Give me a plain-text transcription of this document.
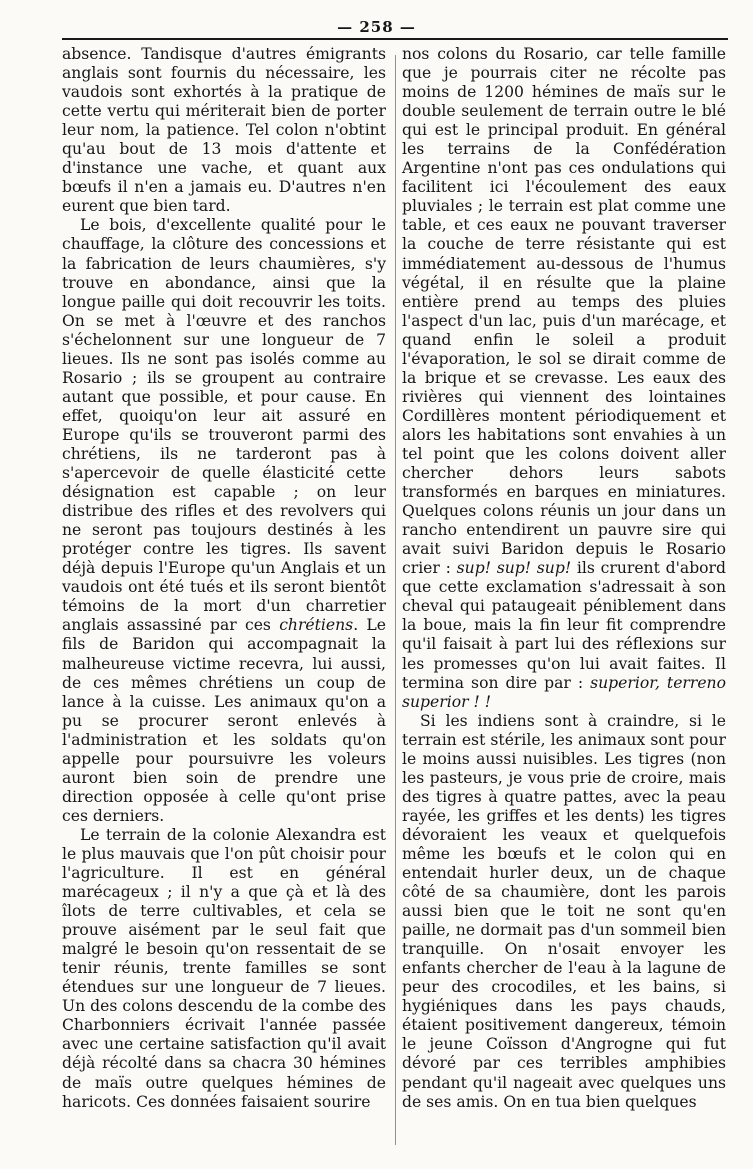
— 258 —

absence. Tandisque d'autres émigrants anglais sont fournis du nécessaire, les vaudois sont exhortés à la pratique de cette vertu qui mériterait bien de porter leur nom, la patience. Tel colon n'obtint qu'au bout de 13 mois d'attente et d'instance une vache, et quant aux bœufs il n'en a jamais eu. D'autres n'en eurent que bien tard.

Le bois, d'excellente qualité pour le chauffage, la clôture des concessions et la fabrication de leurs chaumières, s'y trouve en abondance, ainsi que la longue paille qui doit recouvrir les toits. On se met à l'œuvre et des ranchos s'échelonnent sur une longueur de 7 lieues. Ils ne sont pas isolés comme au Rosario ; ils se groupent au contraire autant que possible, et pour cause. En effet, quoiqu'on leur ait assuré en Europe qu'ils se trouveront parmi des chrétiens, ils ne tarderont pas à s'apercevoir de quelle élasticité cette désignation est capable ; on leur distribue des rifles et des revolvers qui ne seront pas toujours destinés à les protéger contre les tigres. Ils savent déjà depuis l'Europe qu'un Anglais et un vaudois ont été tués et ils seront bientôt témoins de la mort d'un charretier anglais assassiné par ces chrétiens. Le fils de Baridon qui accompagnait la malheureuse victime recevra, lui aussi, de ces mêmes chrétiens un coup de lance à la cuisse. Les animaux qu'on a pu se procurer seront enlevés à l'administration et les soldats qu'on appelle pour poursuivre les voleurs auront bien soin de prendre une direction opposée à celle qu'ont prise ces derniers.

Le terrain de la colonie Alexandra est le plus mauvais que l'on pût choisir pour l'agriculture. Il est en général marécageux ; il n'y a que çà et là des îlots de terre cultivables, et cela se prouve aisément par le seul fait que malgré le besoin qu'on ressentait de se tenir réunis, trente familles se sont étendues sur une longueur de 7 lieues. Un des colons descendu de la combe des Charbonniers écrivait l'année passée avec une certaine satisfaction qu'il avait déjà récolté dans sa chacra 30 hémines de maïs outre quelques hémines de haricots. Ces données faisaient sourire

nos colons du Rosario, car telle famille que je pourrais citer ne récolte pas moins de 1200 hémines de maïs sur le double seulement de terrain outre le blé qui est le principal produit. En général les terrains de la Confédération Argentine n'ont pas ces ondulations qui facilitent ici l'écoulement des eaux pluviales ; le terrain est plat comme une table, et ces eaux ne pouvant traverser la couche de terre résistante qui est immédiatement au-dessous de l'humus végétal, il en résulte que la plaine entière prend au temps des pluies l'aspect d'un lac, puis d'un marécage, et quand enfin le soleil a produit l'évaporation, le sol se dirait comme de la brique et se crevasse. Les eaux des rivières qui viennent des lointaines Cordillères montent périodiquement et alors les habitations sont envahies à un tel point que les colons doivent aller chercher dehors leurs sabots transformés en barques en miniatures. Quelques colons réunis un jour dans un rancho entendirent un pauvre sire qui avait suivi Baridon depuis le Rosario crier : sup! sup! sup! ils crurent d'abord que cette exclamation s'adressait à son cheval qui pataugeait péniblement dans la boue, mais la fin leur fit comprendre qu'il faisait à part lui des réflexions sur les promesses qu'on lui avait faites. Il termina son dire par : superior, terreno superior ! !

Si les indiens sont à craindre, si le terrain est stérile, les animaux sont pour le moins aussi nuisibles. Les tigres (non les pasteurs, je vous prie de croire, mais des tigres à quatre pattes, avec la peau rayée, les griffes et les dents) les tigres dévoraient les veaux et quelquefois même les bœufs et le colon qui en entendait hurler deux, un de chaque côté de sa chaumière, dont les parois aussi bien que le toit ne sont qu'en paille, ne dormait pas d'un sommeil bien tranquille. On n'osait envoyer les enfants chercher de l'eau à la lagune de peur des crocodiles, et les bains, si hygiéniques dans les pays chauds, étaient positivement dangereux, témoin le jeune Coïsson d'Angrogne qui fut dévoré par ces terribles amphibies pendant qu'il nageait avec quelques uns de ses amis. On en tua bien quelques
